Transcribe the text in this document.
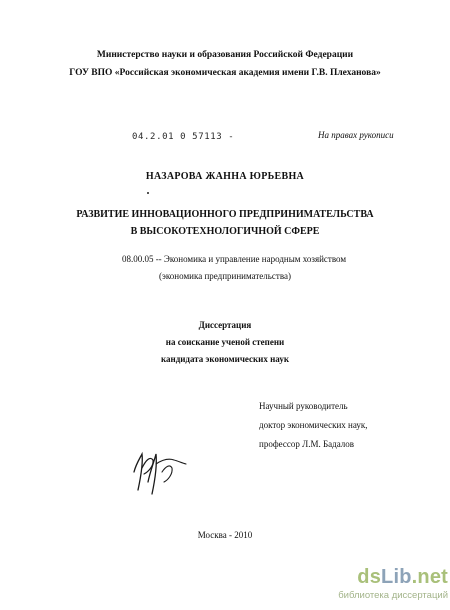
Министерство науки и образования Российской Федерации
ГОУ ВПО «Российская экономическая академия имени Г.В. Плеханова»
04.2.01 0 57113 -	На правах рукописи
НАЗАРОВА ЖАННА ЮРЬЕВНА
РАЗВИТИЕ ИННОВАЦИОННОГО ПРЕДПРИНИМАТЕЛЬСТВА
В ВЫСОКОТЕХНОЛОГИЧНОЙ СФЕРЕ
08.00.05 -- Экономика и управление народным хозяйством
(экономика предпринимательства)
Диссертация
на соискание ученой степени
кандидата экономических наук
Научный руководитель
доктор экономических наук,
профессор Л.М. Бадалов
Москва - 2010
dsLib.net
библиотека диссертаций
